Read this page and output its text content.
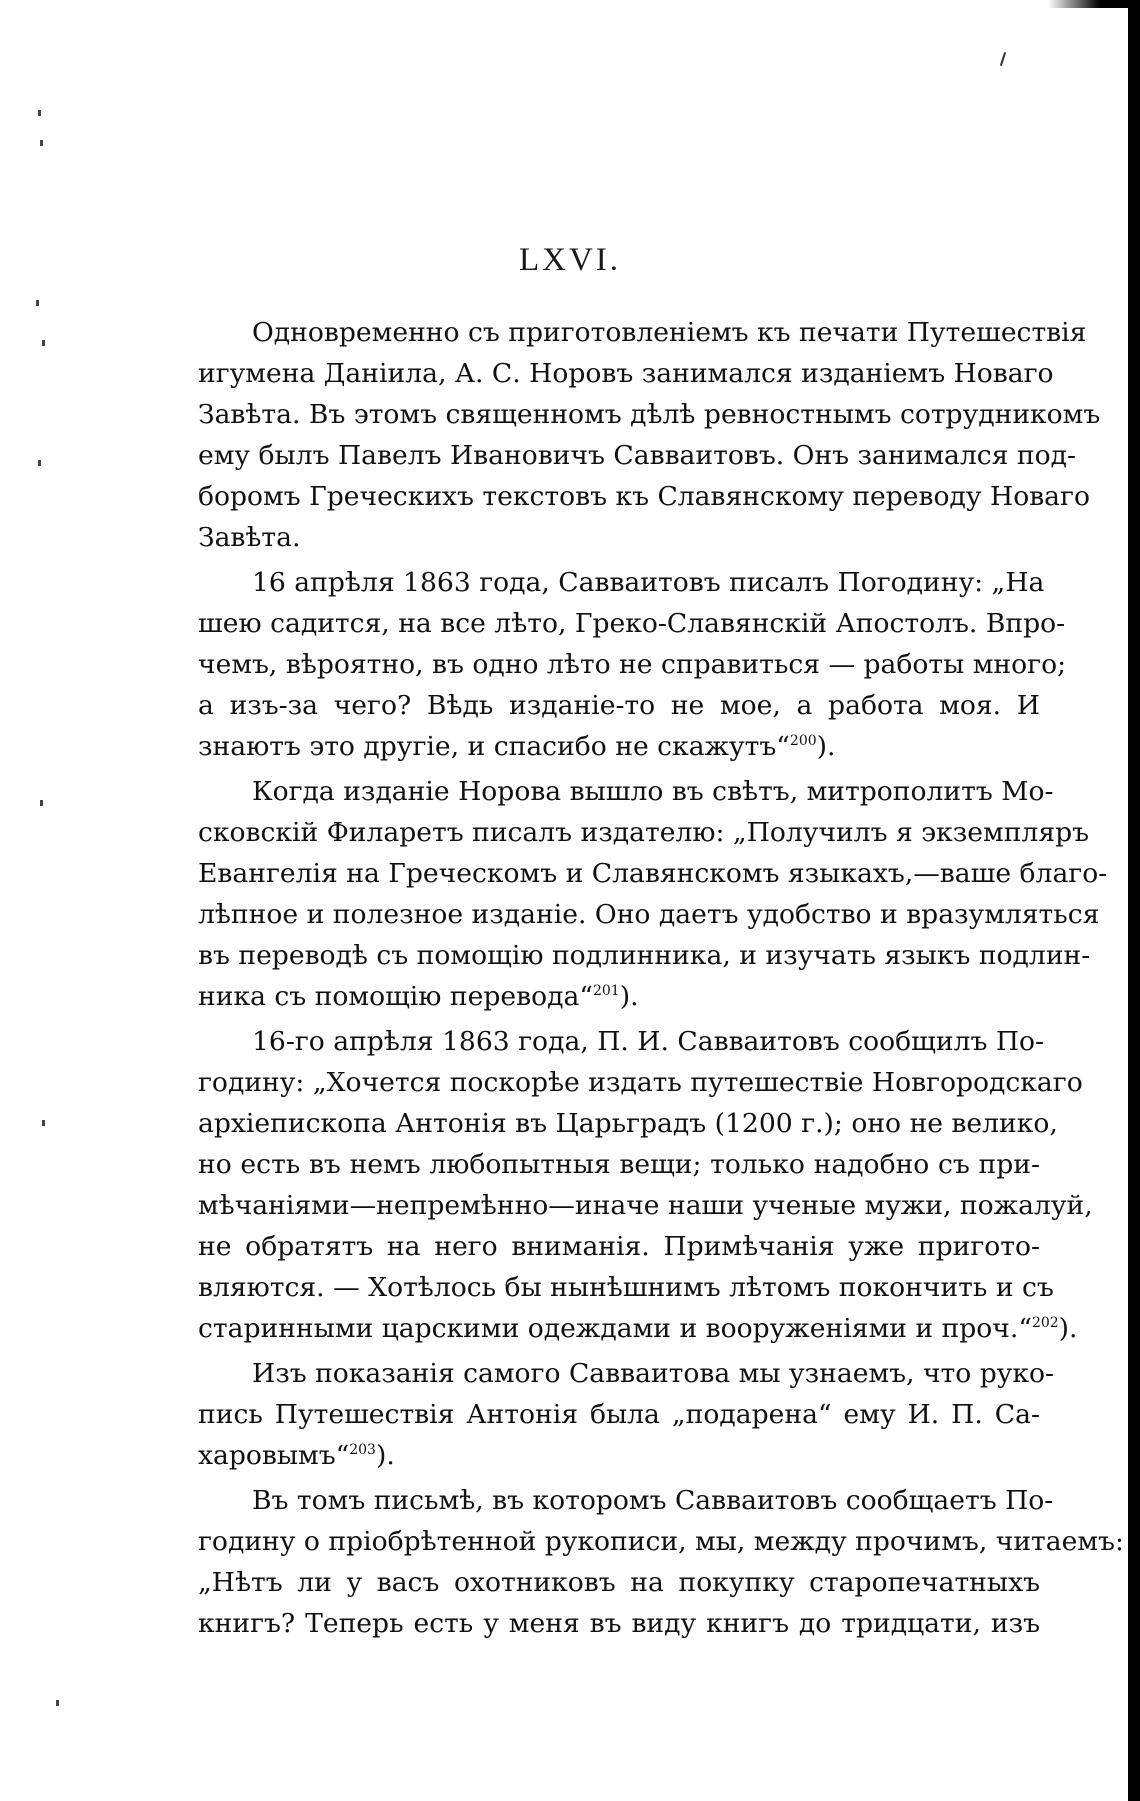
LXVI.
Одновременно съ приготовленіемъ къ печати Путешествія
игумена Даніила, А. С. Норовъ занимался изданіемъ Новаго
Завѣта. Въ этомъ священномъ дѣлѣ ревностнымъ сотрудникомъ
ему былъ Павелъ Ивановичъ Савваитовъ. Онъ занимался под-
боромъ Греческихъ текстовъ къ Славянскому переводу Новаго
Завѣта.
16 апрѣля 1863 года, Савваитовъ писалъ Погодину: „На
шею садится, на все лѣто, Греко-Славянскій Апостолъ. Впро-
чемъ, вѣроятно, въ одно лѣто не справиться — работы много;
а изъ-за чего? Вѣдь изданіе-то не мое, а работа моя. И
знаютъ это другіе, и спасибо не скажутъ“$^{200}$).
Когда изданіе Норова вышло въ свѣтъ, митрополитъ Мо-
сковскій Филаретъ писалъ издателю: „Получилъ я экземпляръ
Евангелія на Греческомъ и Славянскомъ языкахъ,—ваше благо-
лѣпное и полезное изданіе. Оно даетъ удобство и вразумляться
въ переводѣ съ помощію подлинника, и изучать языкъ подлин-
ника съ помощію перевода“$^{201}$).
16-го апрѣля 1863 года, П. И. Савваитовъ сообщилъ По-
годину: „Хочется поскорѣе издать путешествіе Новгородскаго
архіепископа Антонія въ Царьградъ (1200 г.); оно не велико,
но есть въ немъ любопытныя вещи; только надобно съ при-
мѣчаніями—непремѣнно—иначе наши ученые мужи, пожалуй,
не обратятъ на него вниманія. Примѣчанія уже пригото-
вляются. — Хотѣлось бы нынѣшнимъ лѣтомъ покончить и съ
старинными царскими одеждами и вооруженіями и проч.“$^{202}$).
Изъ показанія самого Савваитова мы узнаемъ, что руко-
пись Путешествія Антонія была „подарена“ ему И. П. Са-
харовымъ“$^{203}$).
Въ томъ письмѣ, въ которомъ Савваитовъ сообщаетъ По-
годину о пріобрѣтенной рукописи, мы, между прочимъ, читаемъ:
„Нѣтъ ли у васъ охотниковъ на покупку старопечатныхъ
книгъ? Теперь есть у меня въ виду книгъ до тридцати, изъ
